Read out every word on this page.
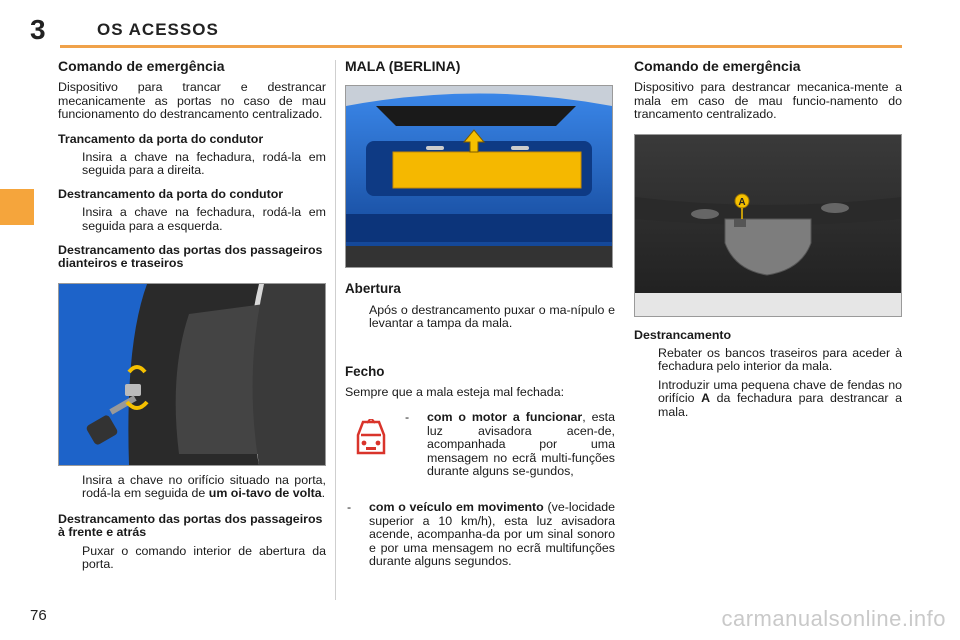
3	OS ACESSOS
Comando de emergência

Dispositivo para trancar e destrancar mecanicamente as portas no caso de mau funcionamento do destrancamento centralizado.

Trancamento da porta do condutor
Insira a chave na fechadura, rodá-la em seguida para a direita.
Destrancamento da porta do condutor
Insira a chave na fechadura, rodá-la em seguida para a esquerda.
Destrancamento das portas dos passageiros dianteiros e traseiros
Insira a chave no orifício situado na porta, rodá-la em seguida de um oi-tavo de volta.
Destrancamento das portas dos passageiros à frente e atrás
Puxar o comando interior de abertura da porta.
MALA (BERLINA)
Abertura
Após o destrancamento puxar o ma-nípulo e levantar a tampa da mala.
Fecho

Sempre que a mala esteja mal fechada:

- com o motor a funcionar, esta luz avisadora acen-de, acompanhada por uma mensagem no ecrã multi-funções durante alguns se-gundos,
- com o veículo em movimento (ve-locidade superior a 10 km/h), esta luz avisadora acende, acompanha-da por um sinal sonoro e por uma mensagem no ecrã multifunções durante alguns segundos.
Comando de emergência

Dispositivo para destrancar mecanica-mente a mala em caso de mau funcio-namento do trancamento centralizado.

A
Destrancamento
Rebater os bancos traseiros para aceder à fechadura pelo interior da mala.
Introduzir uma pequena chave de fendas no orifício A da fechadura para destrancar a mala.
76	carmanualsonline.info
